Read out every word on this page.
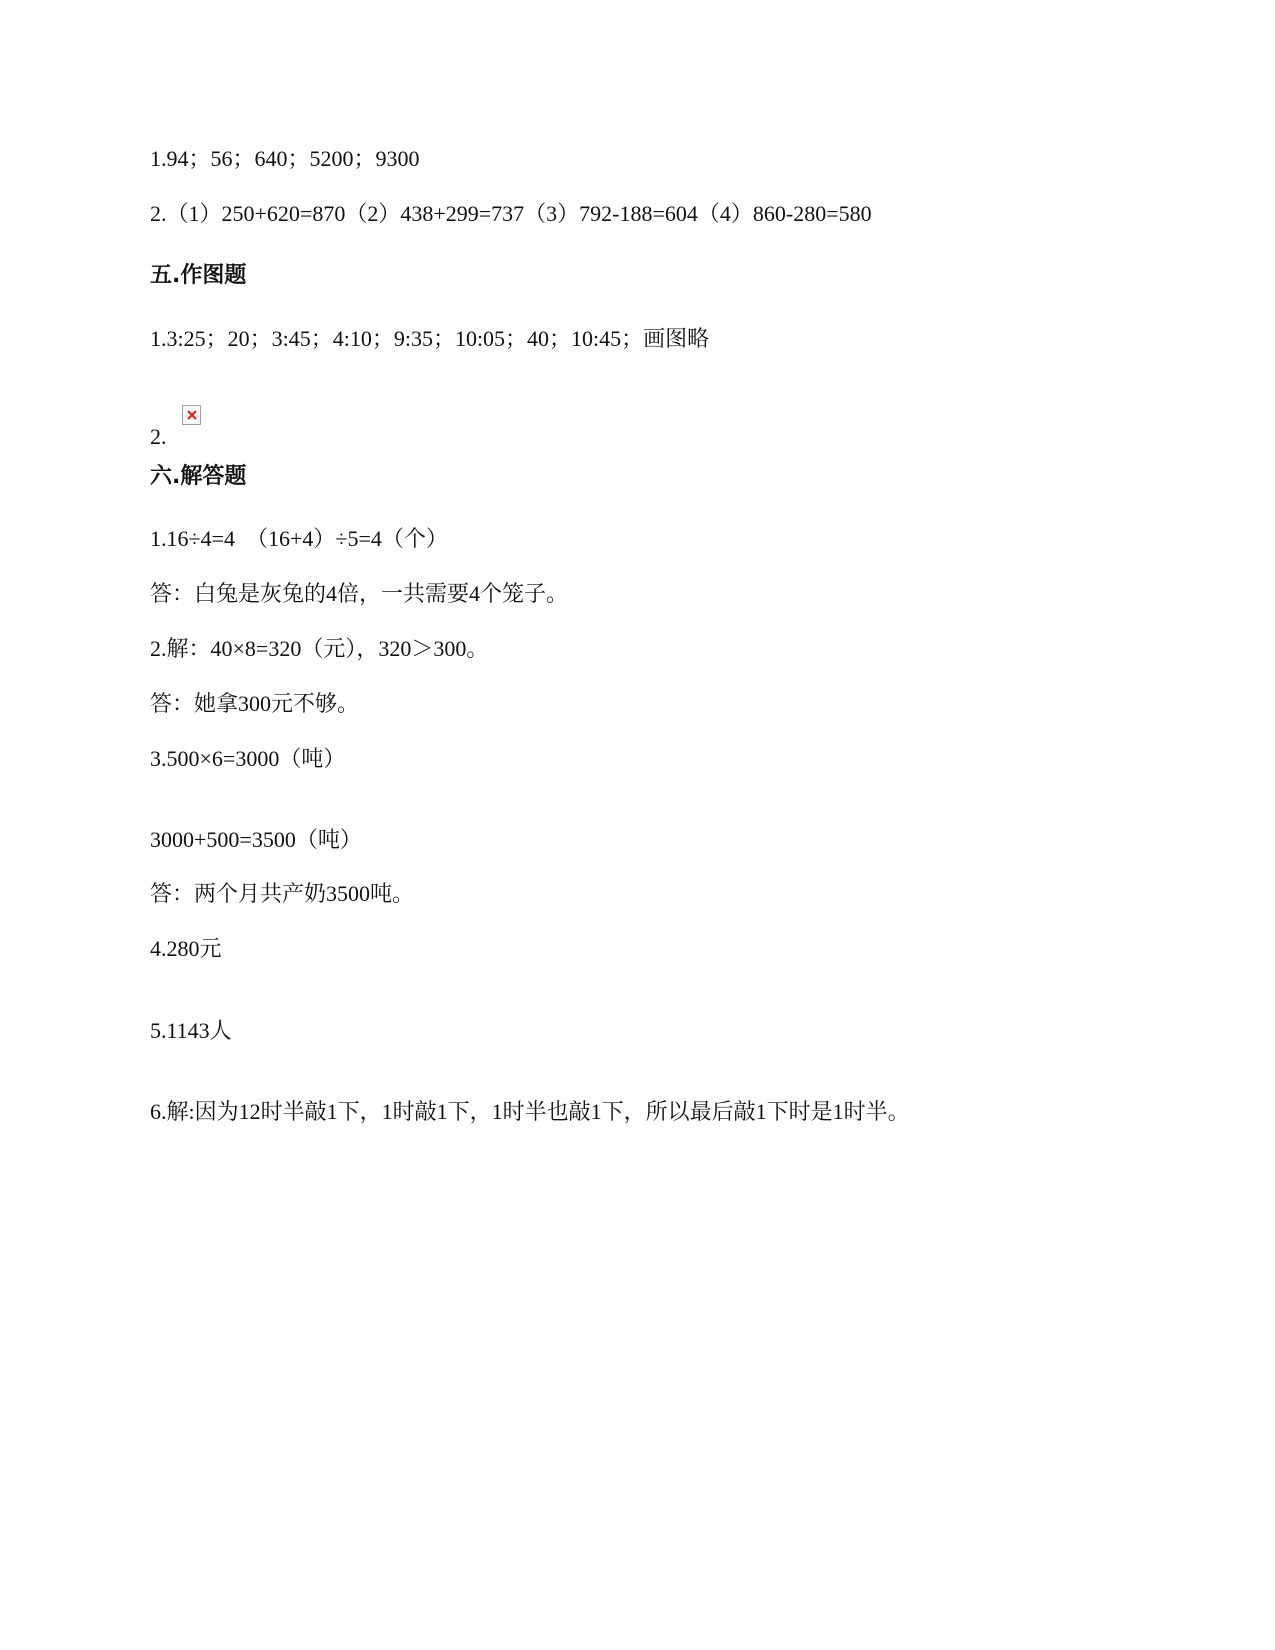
1.94；56；640；5200；9300
2.（1）250+620=870（2）438+299=737（3）792-188=604（4）860-280=580
五.作图题
1.3:25；20；3:45；4:10；9:35；10:05；40；10:45；画图略
2.
六.解答题
1.16÷4=4　（16+4）÷5=4（个）
答：白兔是灰兔的4倍，一共需要4个笼子。
2.解：40×8=320（元），320＞300。
答：她拿300元不够。
3.500×6=3000（吨）
3000+500=3500（吨）
答：两个月共产奶3500吨。
4.280元
5.1143人
6.解:因为12时半敲1下，1时敲1下，1时半也敲1下，所以最后敲1下时是1时半。
